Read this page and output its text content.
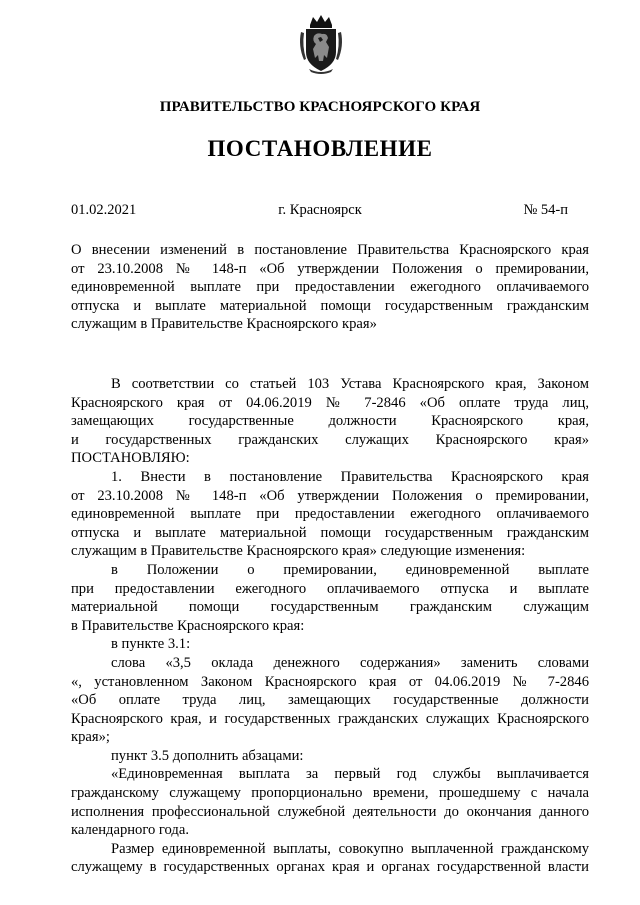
ПРАВИТЕЛЬСТВО КРАСНОЯРСКОГО КРАЯ
ПОСТАНОВЛЕНИЕ
01.02.2021	г. Красноярск	№ 54-п
О внесении изменений в постановление Правительства Красноярского края
от 23.10.2008 № 148-п «Об утверждении Положения о премировании,
единовременной выплате при предоставлении ежегодного оплачиваемого
отпуска и выплате материальной помощи государственным гражданским
служащим в Правительстве Красноярского края»
В соответствии со статьей 103 Устава Красноярского края, Законом
Красноярского края от 04.06.2019 № 7-2846 «Об оплате труда лиц,
замещающих государственные должности Красноярского края,
и государственных гражданских служащих Красноярского края»
ПОСТАНОВЛЯЮ:
1. Внести в постановление Правительства Красноярского края
от 23.10.2008 № 148-п «Об утверждении Положения о премировании,
единовременной выплате при предоставлении ежегодного оплачиваемого
отпуска и выплате материальной помощи государственным гражданским
служащим в Правительстве Красноярского края» следующие изменения:
в Положении о премировании, единовременной выплате
при предоставлении ежегодного оплачиваемого отпуска и выплате
материальной помощи государственным гражданским служащим
в Правительстве Красноярского края:
в пункте 3.1:
слова «3,5 оклада денежного содержания» заменить словами
«, установленном Законом Красноярского края от 04.06.2019 № 7-2846
«Об оплате труда лиц, замещающих государственные должности
Красноярского края, и государственных гражданских служащих Красноярского
края»;
пункт 3.5 дополнить абзацами:
«Единовременная выплата за первый год службы выплачивается
гражданскому служащему пропорционально времени, прошедшему с начала
исполнения профессиональной служебной деятельности до окончания данного
календарного года.
Размер единовременной выплаты, совокупно выплаченной гражданскому
служащему в государственных органах края и органах государственной власти
